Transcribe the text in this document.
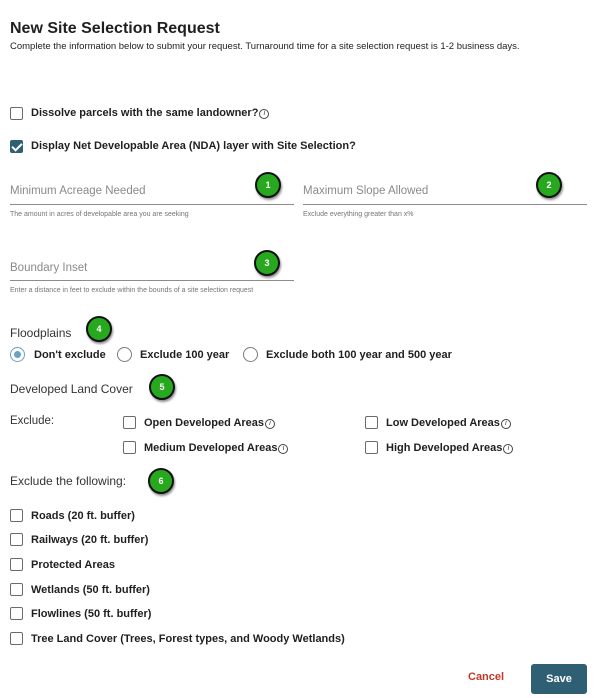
New Site Selection Request
Complete the information below to submit your request. Turnaround time for a site selection request is 1-2 business days.
Dissolve parcels with the same landowner? i
Display Net Developable Area (NDA) layer with Site Selection?
Minimum Acreage Needed
The amount in acres of developable area you are seeking
1	Maximum Slope Allowed
Exclude everything greater than x%
2
Boundary Inset
Enter a distance in feet to exclude within the bounds of a site selection request
3
Floodplains	4
Don't exclude	Exclude 100 year	Exclude both 100 year and 500 year
Developed Land Cover	5
Exclude:	Open Developed Areas i	Low Developed Areas i
Medium Developed Areas i	High Developed Areas i
Exclude the following:	6
Roads (20 ft. buffer)
Railways (20 ft. buffer)
Protected Areas
Wetlands (50 ft. buffer)
Flowlines (50 ft. buffer)
Tree Land Cover (Trees, Forest types, and Woody Wetlands)
Cancel	Save
